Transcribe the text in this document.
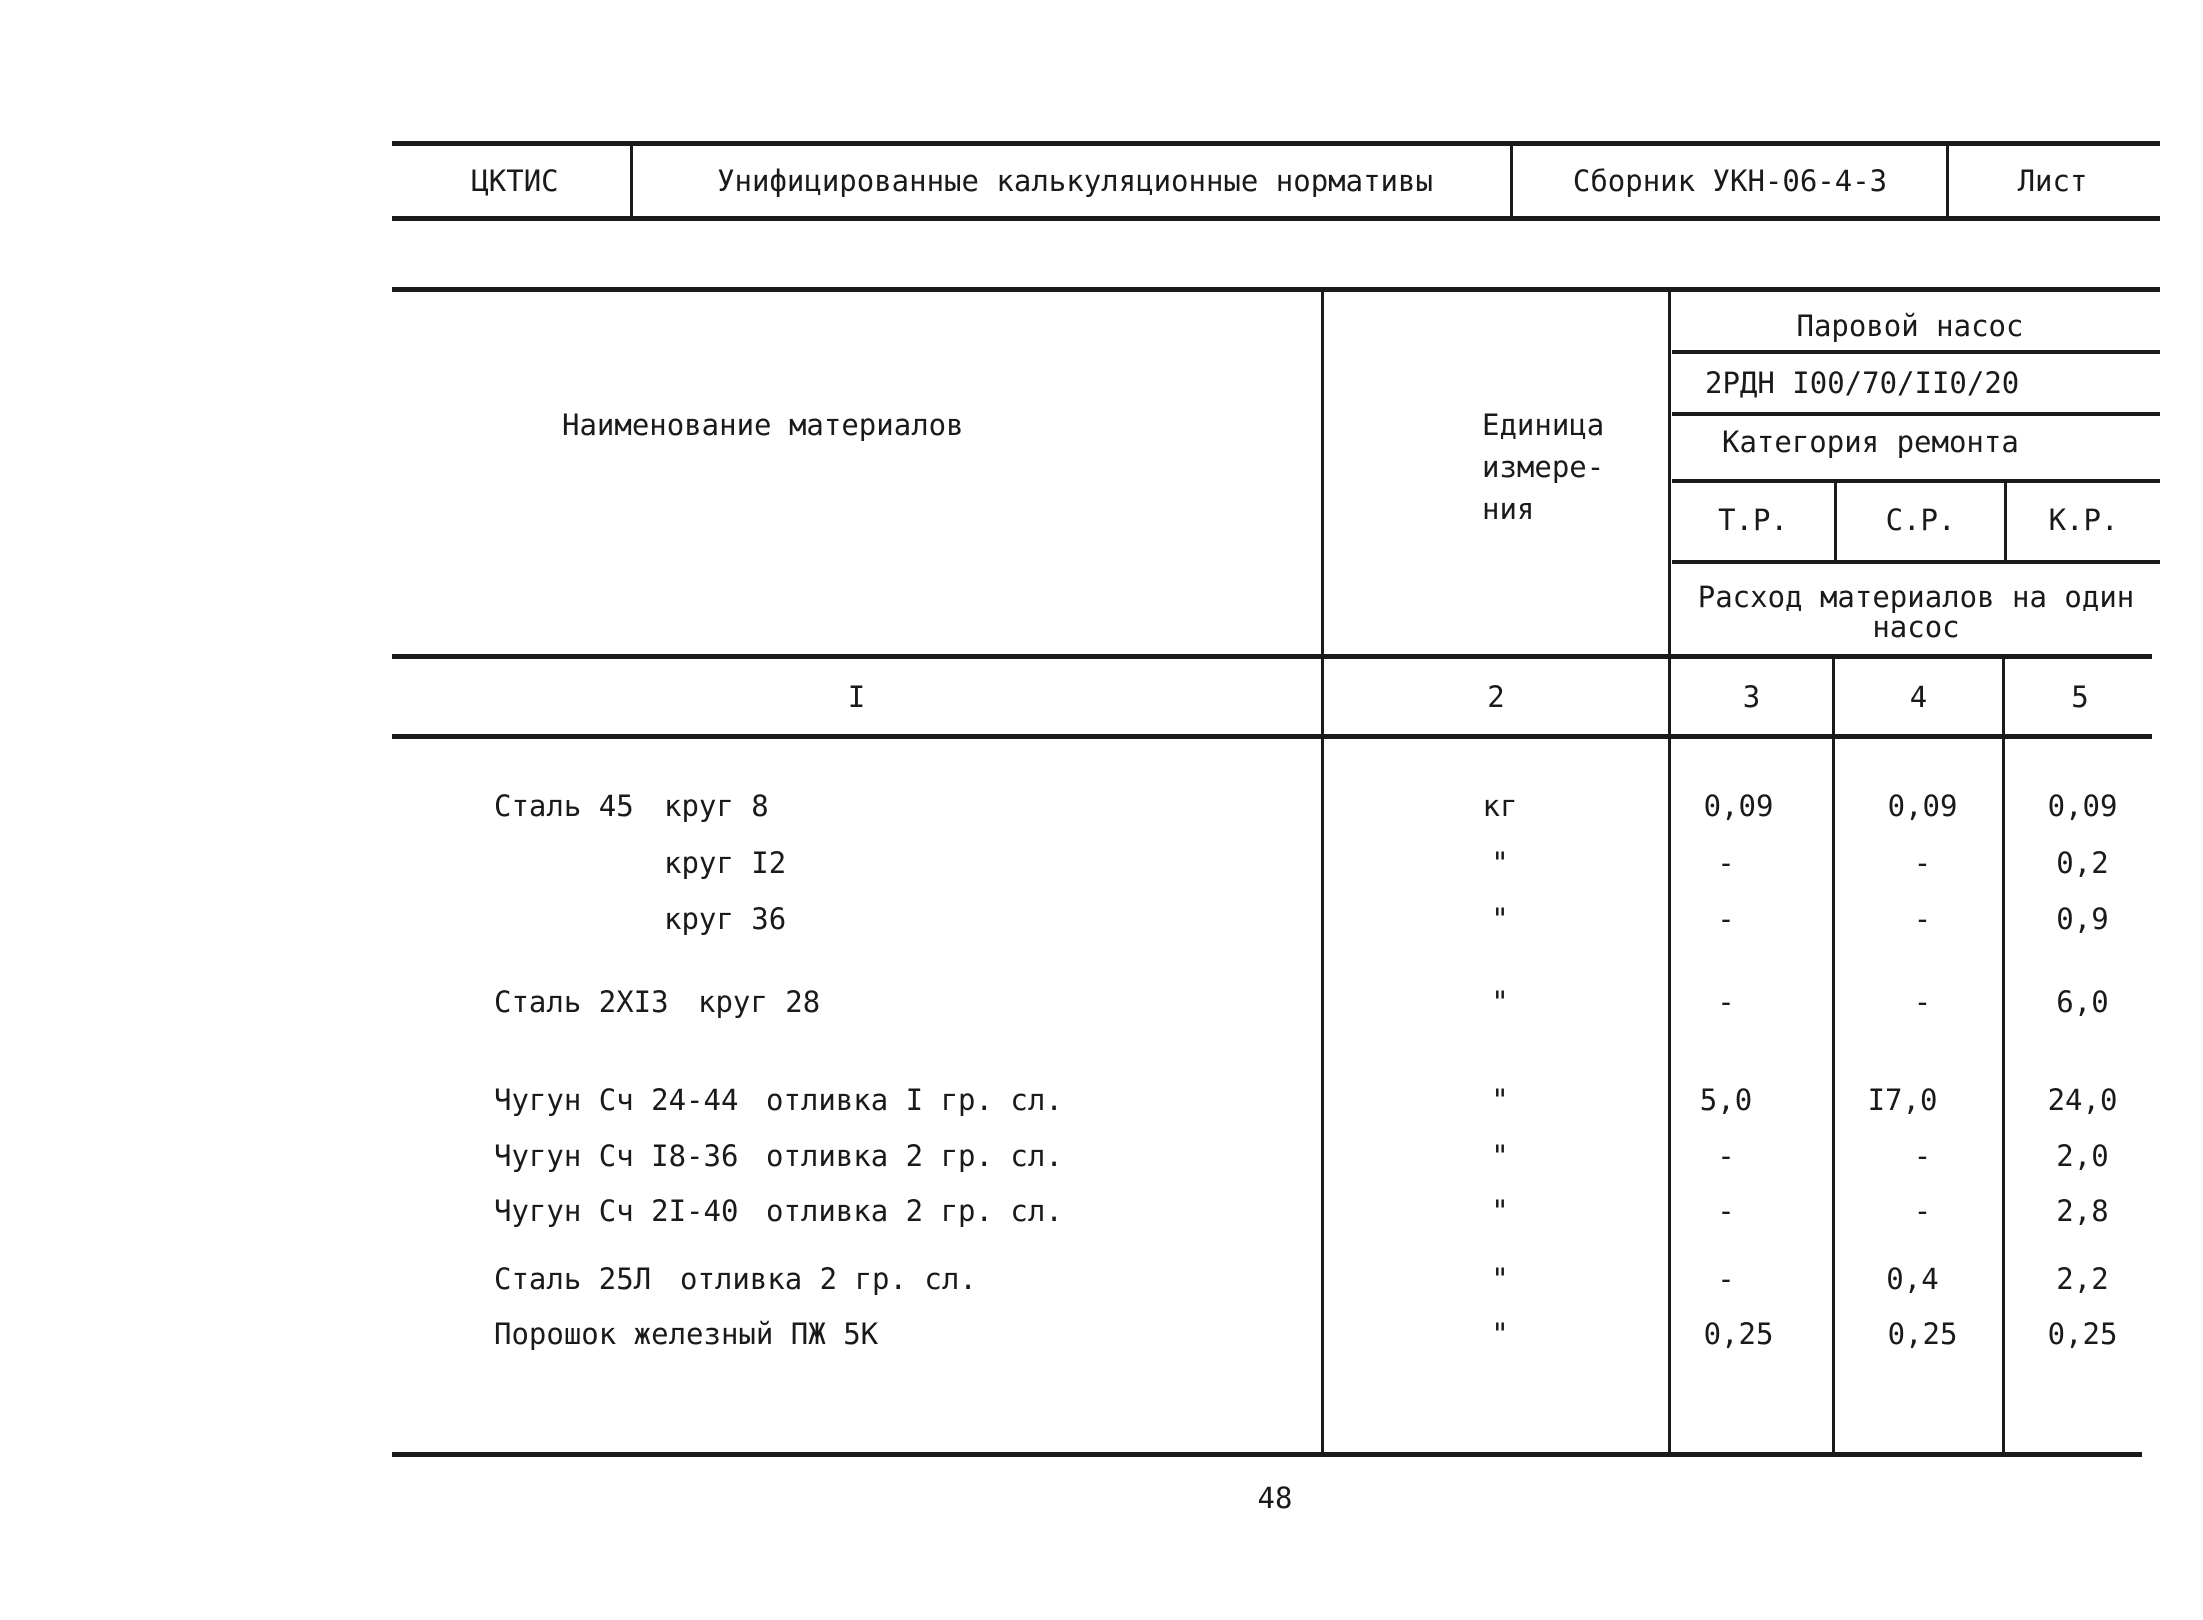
ЦКТИС	Унифицированные калькуляционные нормативы	Сборник УКН-06-4-3	Лист
Наименование материалов	Единица
измере-
ния
Паровой насос
2РДН I00/70/II0/20
Категория ремонта
Т.Р.	С.Р.	К.Р.
Расход материалов на один
насос
I	2	3	4	5
Сталь 45 круг 8	кг	0,09	0,09	0,09
круг I2	"	-	-	0,2
круг 36	"	-	-	0,9
Сталь 2XI3 круг 28	"	-	-	6,0
Чугун Сч 24-44 отливка I гр. сл.	"	5,0	I7,0	24,0
Чугун Сч I8-36 отливка 2 гр. сл.	"	-	-	2,0
Чугун Сч 2I-40 отливка 2 гр. сл.	"	-	-	2,8
Сталь 25Л отливка 2 гр. сл.	"	-	0,4	2,2
Порошок железный ПЖ 5К	"	0,25	0,25	0,25
48
